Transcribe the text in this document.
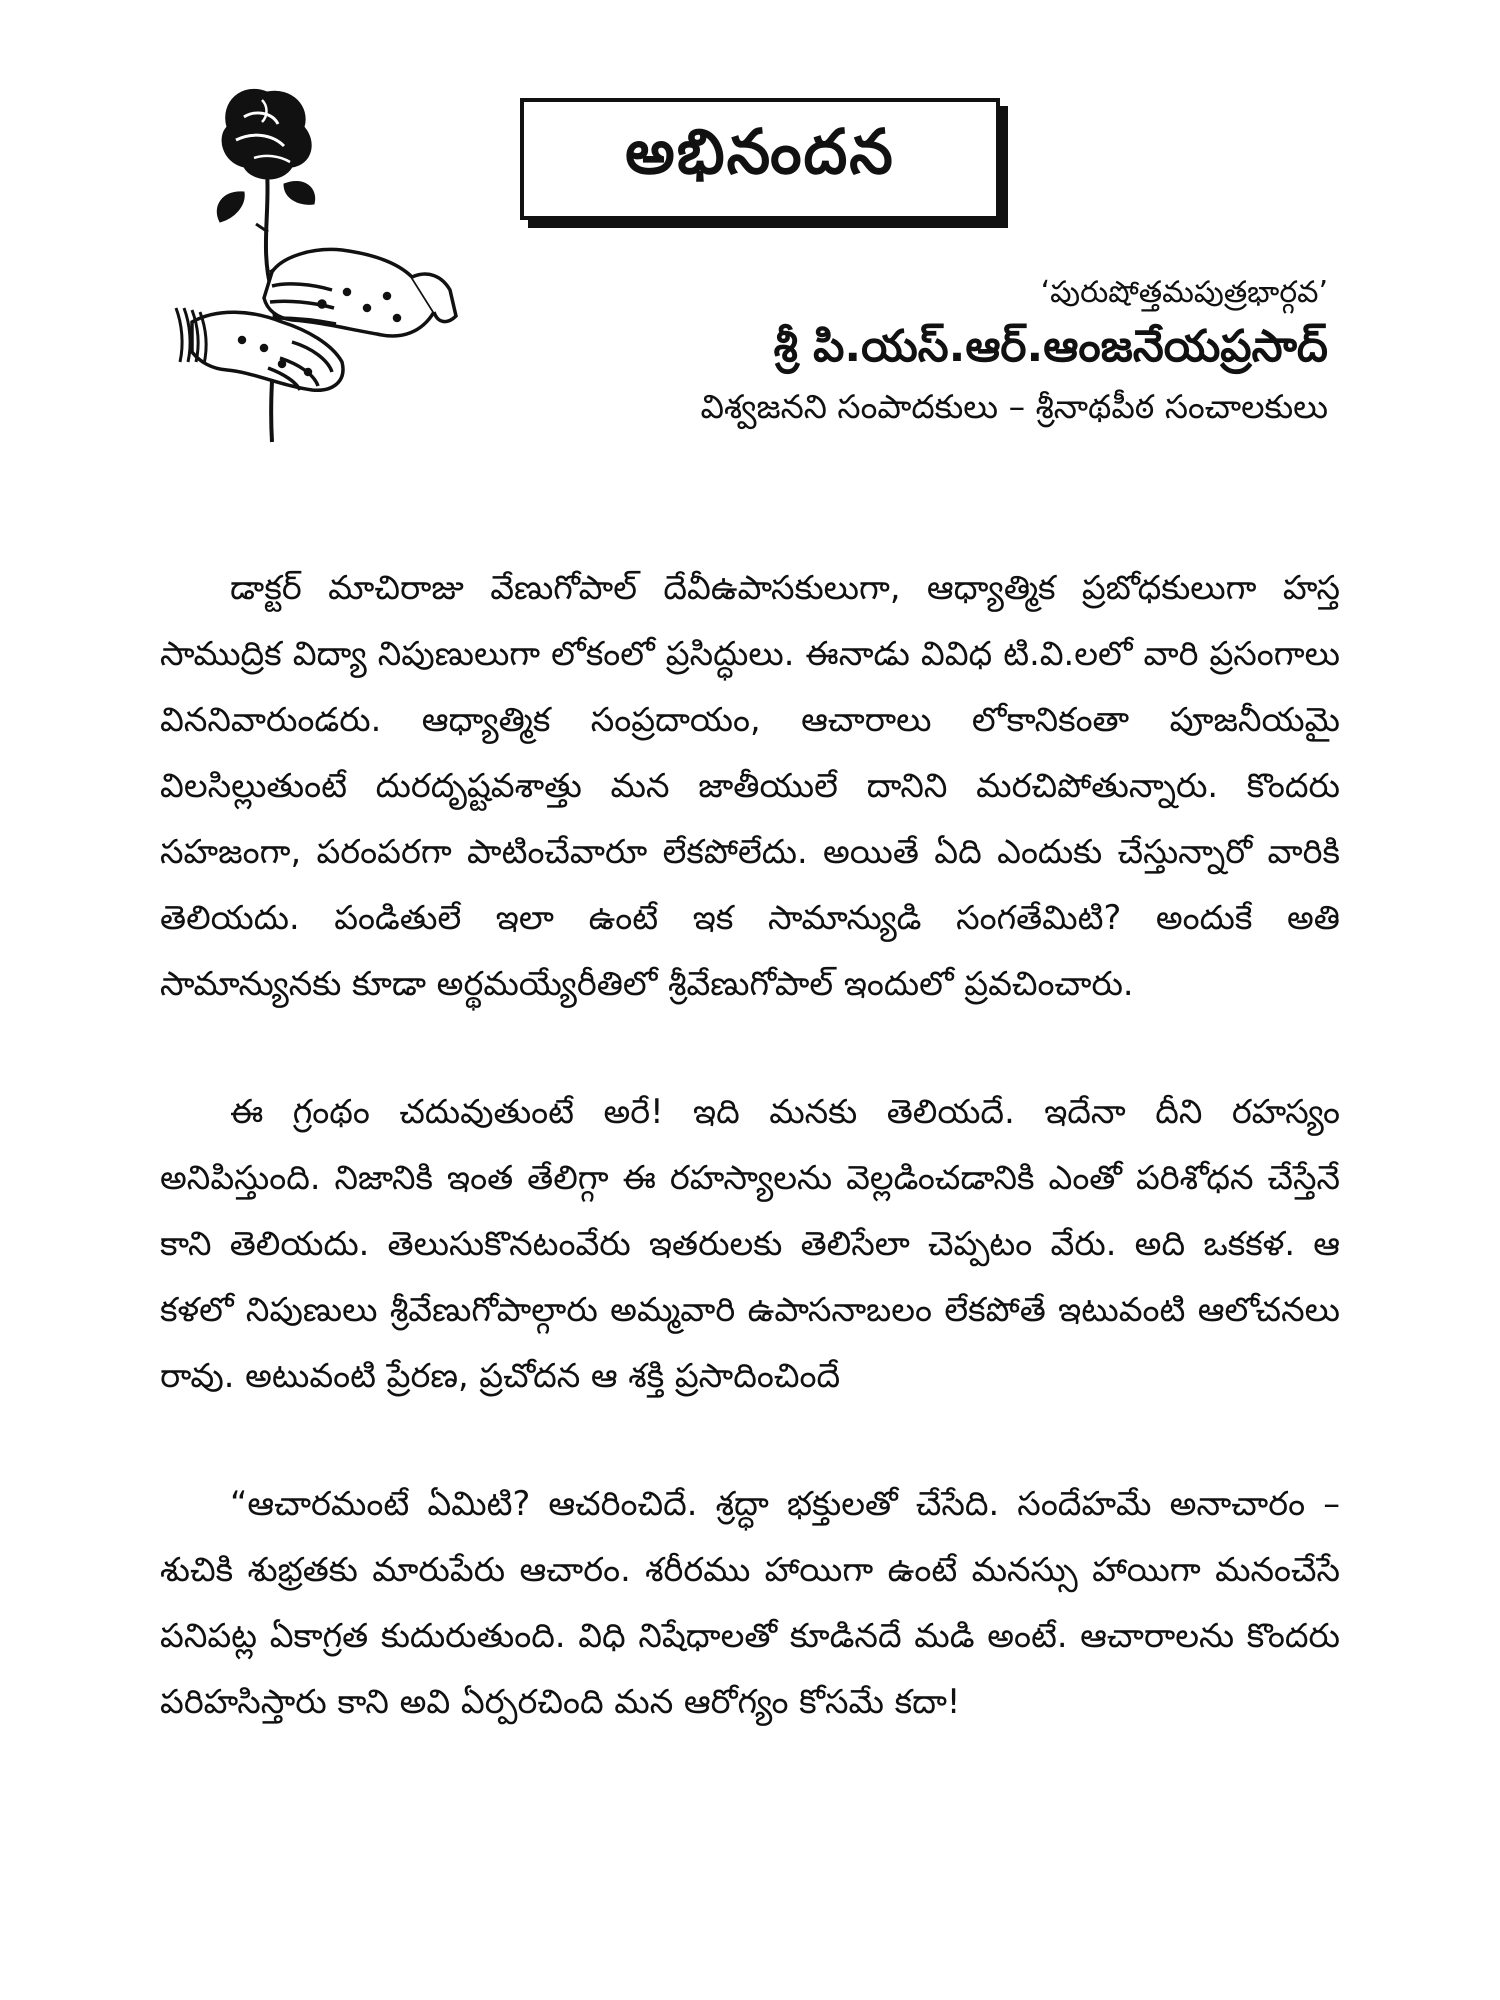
అభినందన
‘పురుషోత్తమపుత్రభార్గవ’
శ్రీ పి.యస్.ఆర్.ఆంజనేయప్రసాద్
విశ్వజనని సంపాదకులు – శ్రీనాథపీఠ సంచాలకులు

డాక్టర్ మాచిరాజు వేణుగోపాల్ దేవీఉపాసకులుగా, ఆధ్యాత్మిక ప్రబోధకులుగా హస్త సాముద్రిక విద్యా నిపుణులుగా లోకంలో ప్రసిద్ధులు. ఈనాడు వివిధ టి.వి.లలో వారి ప్రసంగాలు విననివారుండరు. ఆధ్యాత్మిక సంప్రదాయం, ఆచారాలు లోకానికంతా పూజనీయమై విలసిల్లుతుంటే దురదృష్టవశాత్తు మన జాతీయులే దానిని మరచిపోతున్నారు. కొందరు సహజంగా, పరంపరగా పాటించేవారూ లేకపోలేదు. అయితే ఏది ఎందుకు చేస్తున్నారో వారికి తెలియదు. పండితులే ఇలా ఉంటే ఇక సామాన్యుడి సంగతేమిటి? అందుకే అతి సామాన్యునకు కూడా అర్థమయ్యేరీతిలో శ్రీవేణుగోపాల్ ఇందులో ప్రవచించారు.

ఈ గ్రంథం చదువుతుంటే అరే! ఇది మనకు తెలియదే. ఇదేనా దీని రహస్యం అనిపిస్తుంది. నిజానికి ఇంత తేలిగ్గా ఈ రహస్యాలను వెల్లడించడానికి ఎంతో పరిశోధన చేస్తేనే కాని తెలియదు. తెలుసుకొనటంవేరు ఇతరులకు తెలిసేలా చెప్పటం వేరు. అది ఒకకళ. ఆ కళలో నిపుణులు శ్రీవేణుగోపాల్గారు అమ్మవారి ఉపాసనాబలం లేకపోతే ఇటువంటి ఆలోచనలు రావు. అటువంటి ప్రేరణ, ప్రచోదన ఆ శక్తి ప్రసాదించిందే

“ఆచారమంటే ఏమిటి? ఆచరించిదే. శ్రద్ధా భక్తులతో చేసేది. సందేహమే అనాచారం – శుచికి శుభ్రతకు మారుపేరు ఆచారం. శరీరము హాయిగా ఉంటే మనస్సు హాయిగా మనంచేసే పనిపట్ల ఏకాగ్రత కుదురుతుంది. విధి నిషేధాలతో కూడినదే మడి అంటే. ఆచారాలను కొందరు పరిహసిస్తారు కాని అవి ఏర్పరచింది మన ఆరోగ్యం కోసమే కదా!
